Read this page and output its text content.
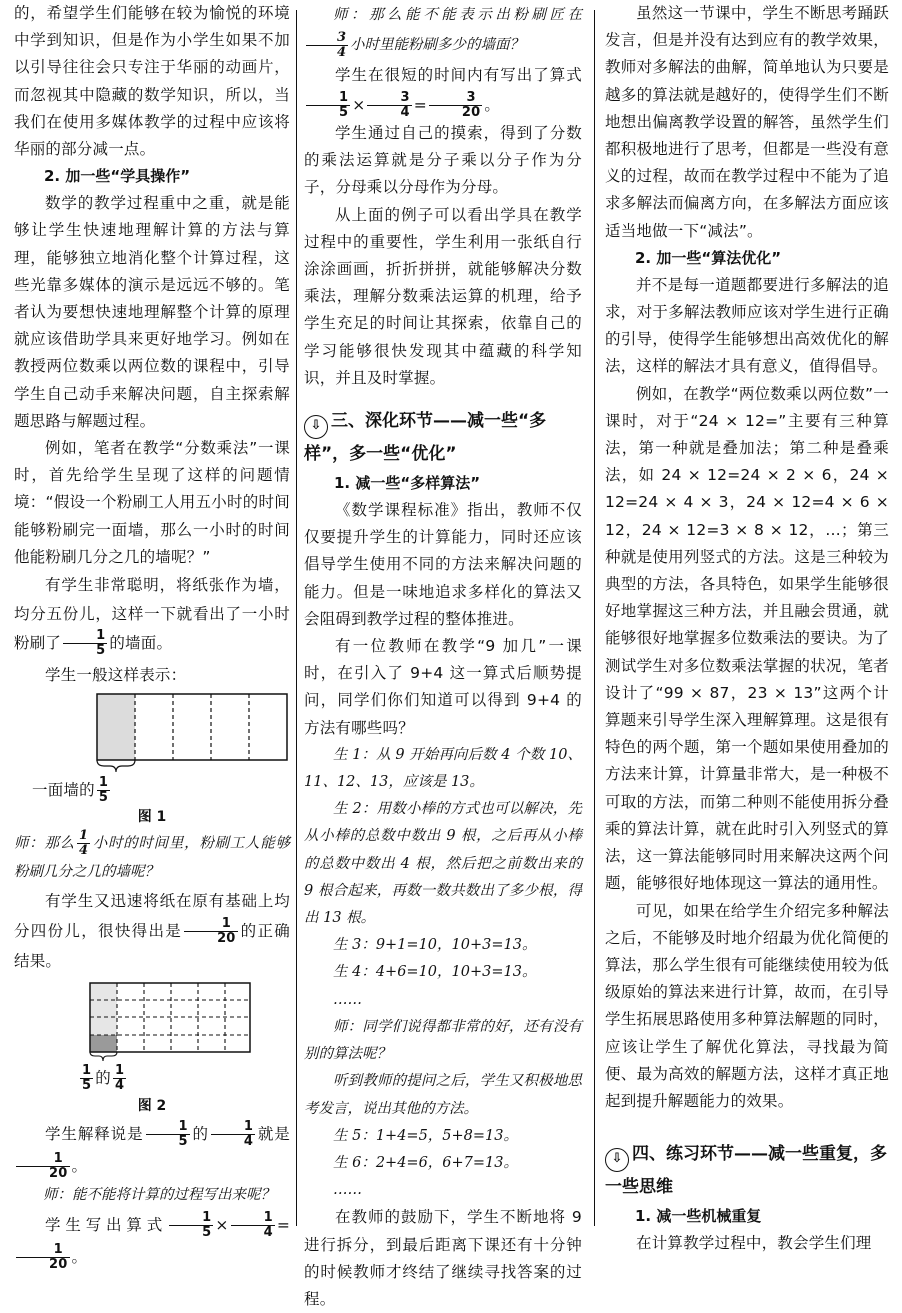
的，希望学生们能够在较为愉悦的环境中学到知识，但是作为小学生如果不加以引导往往会只专注于华丽的动画片，而忽视其中隐藏的数学知识，所以，当我们在使用多媒体教学的过程中应该将华丽的部分减一点。

2. 加一些“学具操作”

数学的教学过程重中之重，就是能够让学生快速地理解计算的方法与算理，能够独立地消化整个计算过程，这些光靠多媒体的演示是远远不够的。笔者认为要想快速地理解整个计算的原理就应该借助学具来更好地学习。例如在教授两位数乘以两位数的课程中，引导学生自己动手来解决问题，自主探索解题思路与解题过程。

例如，笔者在教学“分数乘法”一课时，首先给学生呈现了这样的问题情境：“假设一个粉刷工人用五小时的时间能够粉刷完一面墙，那么一小时的时间他能粉刷几分之几的墙呢？”

有学生非常聪明，将纸张作为墙，均分五份儿，这样一下就看出了一小时粉刷了 $\frac{1}{5}$ 的墙面。

学生一般这样表示：

一面墙的 $\frac{1}{5}$

图 1

师：那么 $\frac{1}{4}$ 小时的时间里，粉刷工人能够粉刷几分之几的墙呢？

有学生又迅速将纸在原有基础上均分四份儿，很快得出是 $\frac{1}{20}$ 的正确结果。

$\frac{1}{5}$ 的 $\frac{1}{4}$

图 2

学生解释说是 $\frac{1}{5}$ 的 $\frac{1}{4}$ 就是
$\frac{1}{20}$ 。

师：能不能将计算的过程写出来呢？

学生写出算式 $\frac{1}{5} \times \frac{1}{4}$ =
$\frac{1}{20}$ 。

师：那么能不能表示出粉刷匠在
$\frac{3}{4}$ 小时里能粉刷多少的墙面？

学生在很短的时间内有写出了算式
$\frac{1}{5} \times \frac{3}{4} = \frac{3}{20}$ 。

学生通过自己的摸索，得到了分数的乘法运算就是分子乘以分子作为分子，分母乘以分母作为分母。

从上面的例子可以看出学具在教学过程中的重要性，学生利用一张纸自行涂涂画画，折折拼拼，就能够解决分数乘法，理解分数乘法运算的机理，给予学生充足的时间让其探索，依靠自己的学习能够很快发现其中蕴藏的科学知识，并且及时掌握。

⇩ 三、深化环节——减一些“多样”，多一些“优化”

1. 减一些“多样算法”

《数学课程标准》指出，教师不仅仅要提升学生的计算能力，同时还应该倡导学生使用不同的方法来解决问题的能力。但是一味地追求多样化的算法又会阻碍到教学过程的整体推进。

有一位教师在教学“9 加几”一课时，在引入了 9+4 这一算式后顺势提问，同学们你们知道可以得到 9+4 的方法有哪些吗？

生 1：从 9 开始再向后数 4 个数 10、11、12、13，应该是 13。

生 2：用数小棒的方式也可以解决，先从小棒的总数中数出 9 根，之后再从小棒的总数中数出 4 根，然后把之前数出来的 9 根合起来，再数一数共数出了多少根，得出 13 根。

生 3：9+1=10，10+3=13。

生 4：4+6=10，10+3=13。

……

师：同学们说得都非常的好，还有没有别的算法呢？

听到教师的提问之后，学生又积极地思考发言，说出其他的方法。

生 5：1+4=5，5+8=13。

生 6：2+4=6，6+7=13。

……

在教师的鼓励下，学生不断地将 9 进行拆分，到最后距离下课还有十分钟的时候教师才终结了继续寻找答案的过程。

虽然这一节课中，学生不断思考踊跃发言，但是并没有达到应有的教学效果，教师对多解法的曲解，简单地认为只要是越多的算法就是越好的，使得学生们不断地想出偏离教学设置的解答，虽然学生们都积极地进行了思考，但都是一些没有意义的过程，故而在教学过程中不能为了追求多解法而偏离方向，在多解法方面应该适当地做一下“减法”。

2. 加一些“算法优化”

并不是每一道题都要进行多解法的追求，对于多解法教师应该对学生进行正确的引导，使得学生能够想出高效优化的解法，这样的解法才具有意义，值得倡导。

例如，在教学“两位数乘以两位数”一课时，对于“24 × 12=”主要有三种算法，第一种就是叠加法；第二种是叠乘法，如 24 × 12=24 × 2 × 6，24 × 12=24 × 4 × 3，24 × 12=4 × 6 × 12，24 × 12=3 × 8 × 12，…；第三种就是使用列竖式的方法。这是三种较为典型的方法，各具特色，如果学生能够很好地掌握这三种方法，并且融会贯通，就能够很好地掌握多位数乘法的要诀。为了测试学生对多位数乘法掌握的状况，笔者设计了“99 × 87，23 × 13”这两个计算题来引导学生深入理解算理。这是很有特色的两个题，第一个题如果使用叠加的方法来计算，计算量非常大，是一种极不可取的方法，而第二种则不能使用拆分叠乘的算法计算，就在此时引入列竖式的算法，这一算法能够同时用来解决这两个问题，能够很好地体现这一算法的通用性。

可见，如果在给学生介绍完多种解法之后，不能够及时地介绍最为优化简便的算法，那么学生很有可能继续使用较为低级原始的算法来进行计算，故而，在引导学生拓展思路使用多种算法解题的同时，应该让学生了解优化算法，寻找最为简便、最为高效的解题方法，这样才真正地起到提升解题能力的效果。

⇩ 四、练习环节——减一些重复，多一些思维

1. 减一些机械重复

在计算教学过程中，教会学生们理
